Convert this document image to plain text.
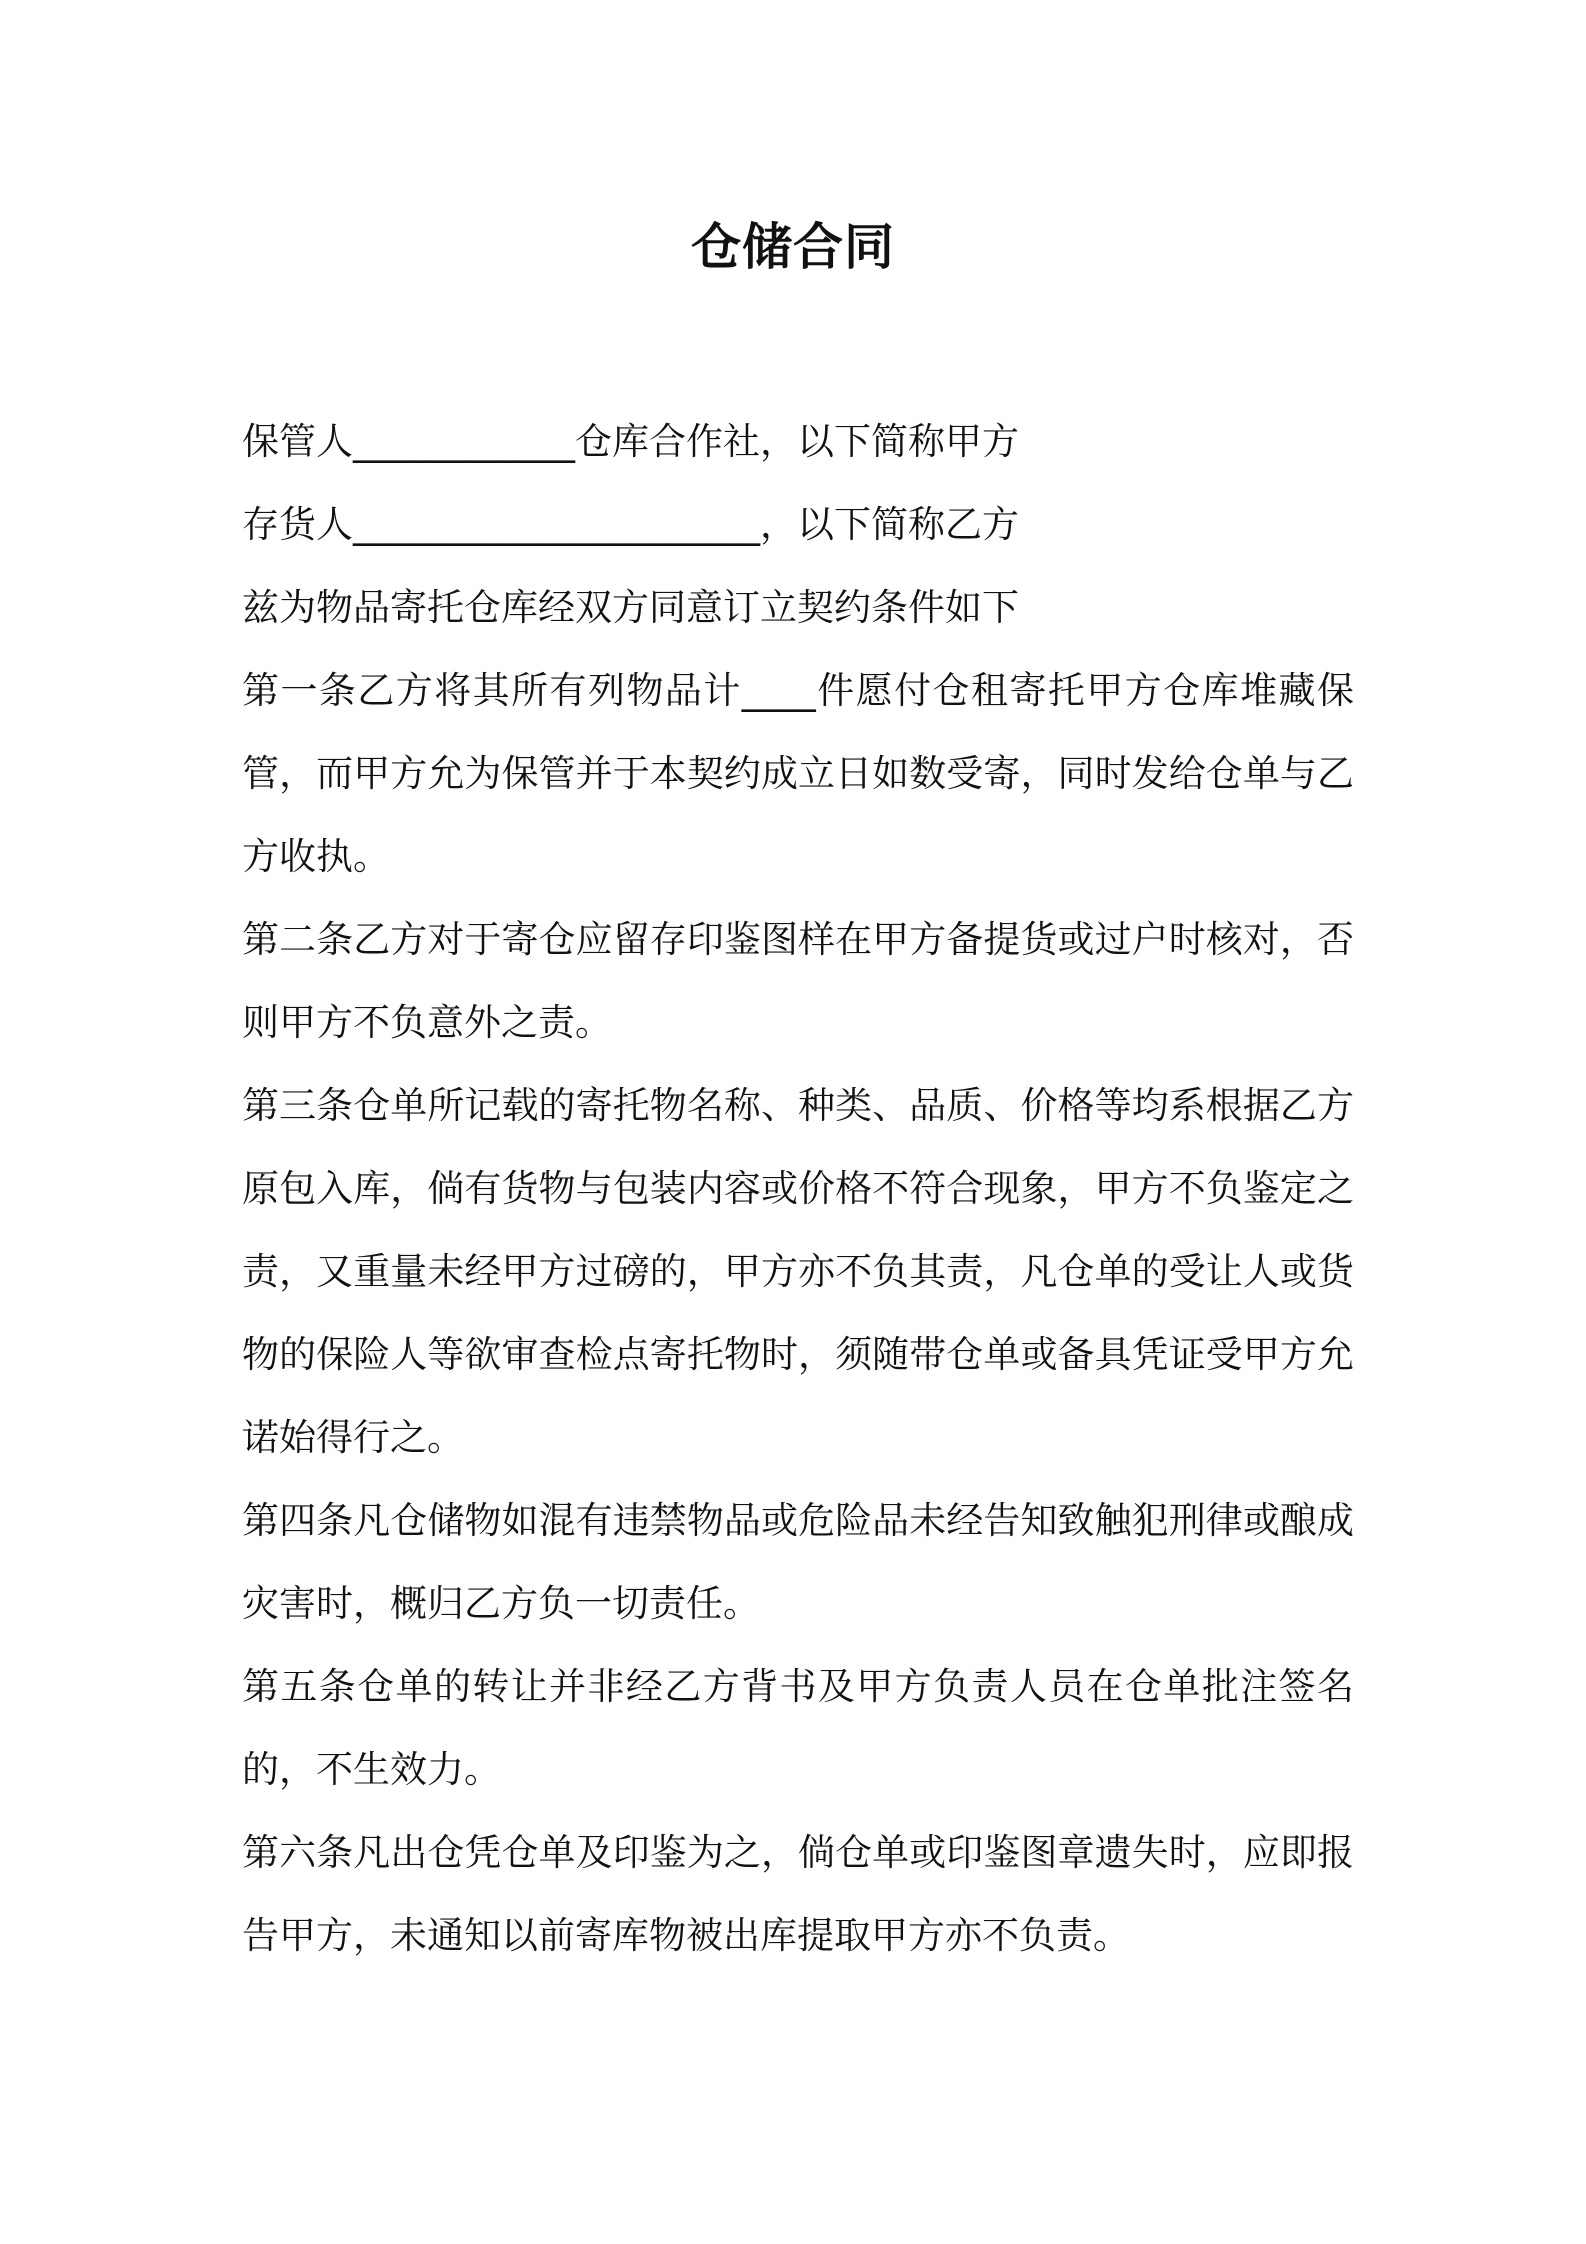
仓储合同

保管人____________仓库合作社，以下简称甲方

存货人______________________，以下简称乙方

兹为物品寄托仓库经双方同意订立契约条件如下

第一条乙方将其所有列物品计____件愿付仓租寄托甲方仓库堆藏保管，而甲方允为保管并于本契约成立日如数受寄，同时发给仓单与乙方收执。

第二条乙方对于寄仓应留存印鉴图样在甲方备提货或过户时核对，否则甲方不负意外之责。

第三条仓单所记载的寄托物名称、种类、品质、价格等均系根据乙方原包入库，倘有货物与包装内容或价格不符合现象，甲方不负鉴定之责，又重量未经甲方过磅的，甲方亦不负其责，凡仓单的受让人或货物的保险人等欲审查检点寄托物时，须随带仓单或备具凭证受甲方允诺始得行之。

第四条凡仓储物如混有违禁物品或危险品未经告知致触犯刑律或酿成灾害时，概归乙方负一切责任。

第五条仓单的转让并非经乙方背书及甲方负责人员在仓单批注签名的，不生效力。

第六条凡出仓凭仓单及印鉴为之，倘仓单或印鉴图章遗失时，应即报告甲方，未通知以前寄库物被出库提取甲方亦不负责。
